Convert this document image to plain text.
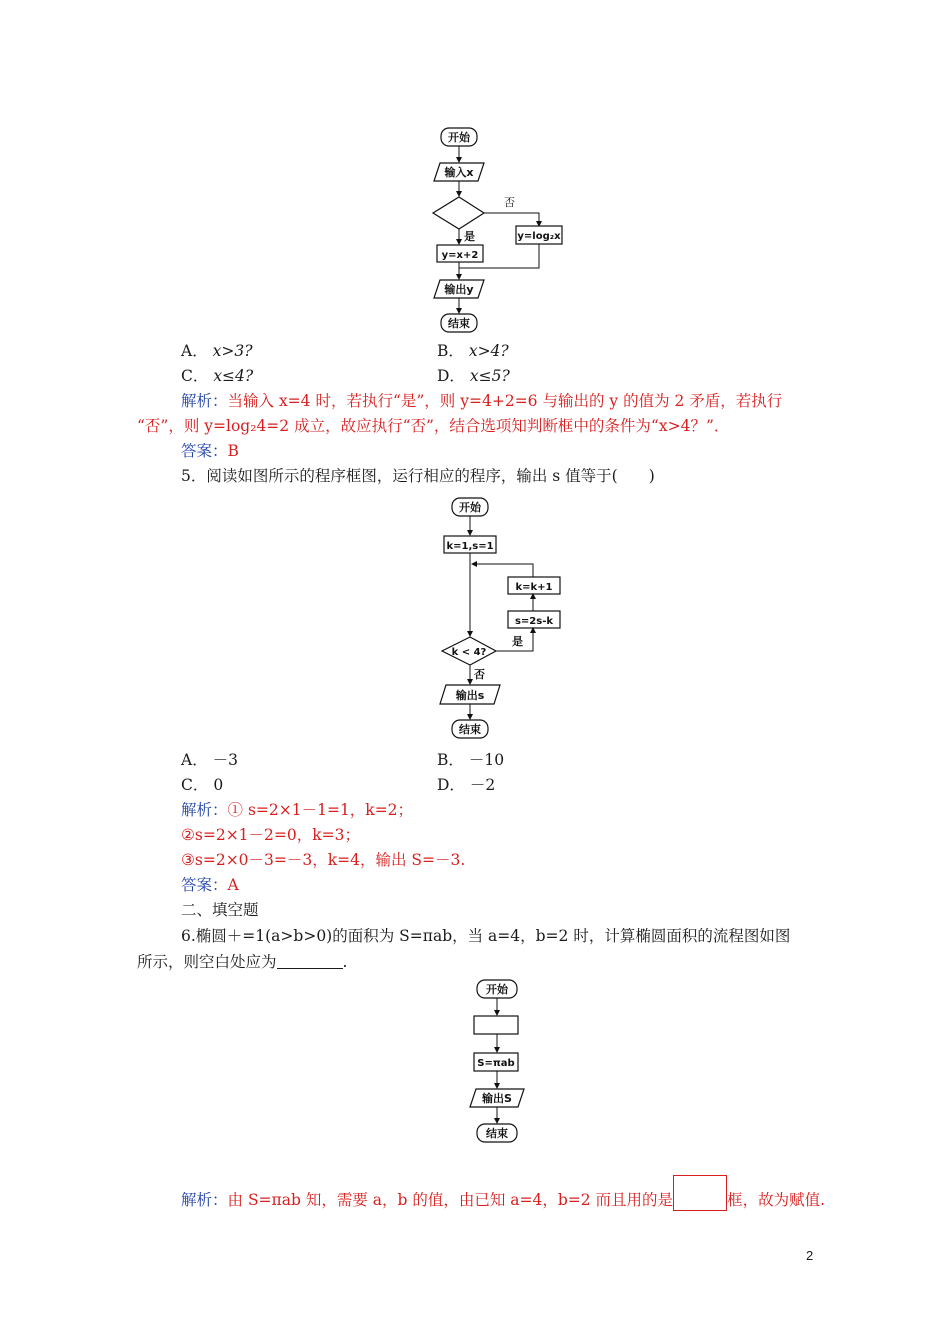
开始
输入x
否
y=log₂x
是
y=x+2
输出y
结束
A． x>3?	B． x>4?
C． x≤4?	D． x≤5?
解析：当输入 x=4 时，若执行“是”，则 y=4+2=6 与输出的 y 的值为 2 矛盾，若执行
“否”，则 y=log₂4=2 成立，故应执行“否”，结合选项知判断框中的条件为“x>4？”．
答案：B
5．阅读如图所示的程序框图，运行相应的程序，输出 s 值等于(　　)
开始
k=1,s=1
k=k+1
s=2s-k
是
k < 4?
否
输出s
结束
A． －3	B． －10
C． 0	D． －2
解析：① s=2×1－1=1，k=2；
②s=2×1－2=0，k=3；
③s=2×0－3=－3，k=4，输出 S=－3.
答案：A
二、填空题
6.椭圆＋=1(a>b>0)的面积为 S=πab，当 a=4，b=2 时，计算椭圆面积的流程图如图
所示，则空白处应为	.
开始
S=πab
输出S
结束
解析：由 S=πab 知，需要 a，b 的值，由已知 a=4，b=2 而且用的是	框，故为赋值.
2
